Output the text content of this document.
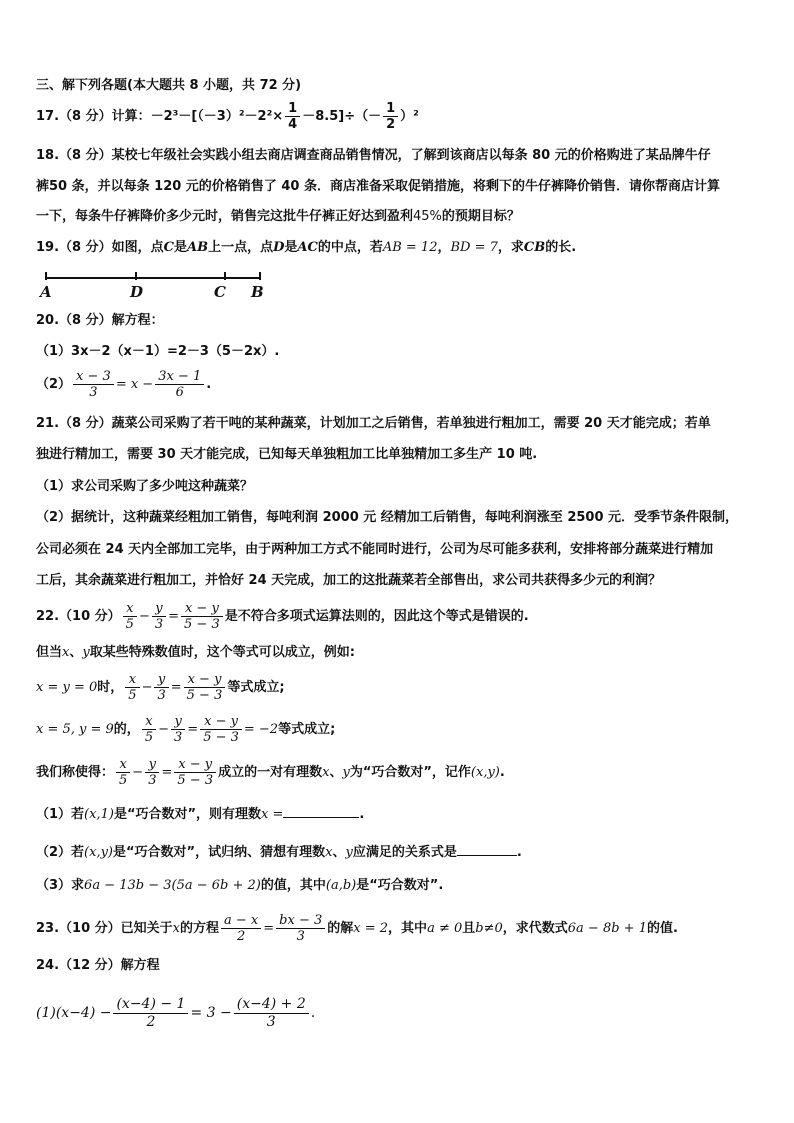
三、解下列各题(本大题共 8 小题，共 72 分)
17.（8 分）计算：$-2^3-[(-3)^2-2^2\times \frac{1}{4} -8.5]\div(- \frac{1}{2} )^2$
18.（8 分）某校七年级社会实践小组去商店调查商品销售情况，了解到该商店以每条 80 元的价格购进了某品牌牛仔
裤50 条，并以每条 120 元的价格销售了 40 条．商店准备采取促销措施，将剩下的牛仔裤降价销售．请你帮商店计算
一下，每条牛仔裤降价多少元时，销售完这批牛仔裤正好达到盈利45%的预期目标？
19.（8 分）如图，点C是AB上一点，点D是AC的中点，若AB = 12，BD = 7，求CB的长.
A	D	C B
20.（8 分）解方程：
（1）3x－2（x－1）=2－3（5－2x）.
$(2) \frac{x - 3}{3} = x - \frac{3x - 1}{6}$ .
21.（8 分）蔬菜公司采购了若干吨的某种蔬菜，计划加工之后销售，若单独进行粗加工，需要 20 天才能完成；若单
独进行精加工，需要 30 天才能完成，已知每天单独粗加工比单独精加工多生产 10 吨.
（1）求公司采购了多少吨这种蔬菜？
（2）据统计，这种蔬菜经粗加工销售，每吨利润 2000 元 经精加工后销售，每吨利润涨至 2500 元．受季节条件限制，
公司必须在 24 天内全部加工完毕，由于两种加工方式不能同时进行，公司为尽可能多获利，安排将部分蔬菜进行精加
工后，其余蔬菜进行粗加工，并恰好 24 天完成，加工的这批蔬菜若全部售出，求公司共获得多少元的利润？
22.（10 分） $\frac{x}{5} - \frac{y}{3} = \frac{x - y}{5 - 3}$ 是不符合多项式运算法则的，因此这个等式是错误的.
但当x、y取某些特殊数值时，这个等式可以成立，例如:
x = y = 0时， $\frac{x}{5} - \frac{y}{3} = \frac{x - y}{5 - 3}$ 等式成立;
x = 5, y = 9的， $\frac{x}{5} - \frac{y}{3} = \frac{x - y}{5 - 3} = -2$等式成立;
我们称使得： $\frac{x}{5} - \frac{y}{3} = \frac{x - y}{5 - 3}$ 成立的一对有理数x、y为“巧合数对”，记作(x,y).
（1）若(x,1)是“巧合数对”，则有理数x =	.
（2）若(x,y)是“巧合数对”，试归纳、猜想有理数x、y应满足的关系式是	.
（3）求6a − 13b − 3(5a − 6b + 2)的值，其中(a,b)是“巧合数对”.
23.（10 分）已知关于x的方程 $\frac{a - x}{2} = \frac{bx - 3}{3}$ 的解x = 2，其中a ≠ 0且b≠0，求代数式6a − 8b + 1的值.
24.（12 分）解方程
$(1)(x-4) - \frac{(x-4) - 1}{2} = 3 - \frac{(x-4) + 2}{3}$ .
